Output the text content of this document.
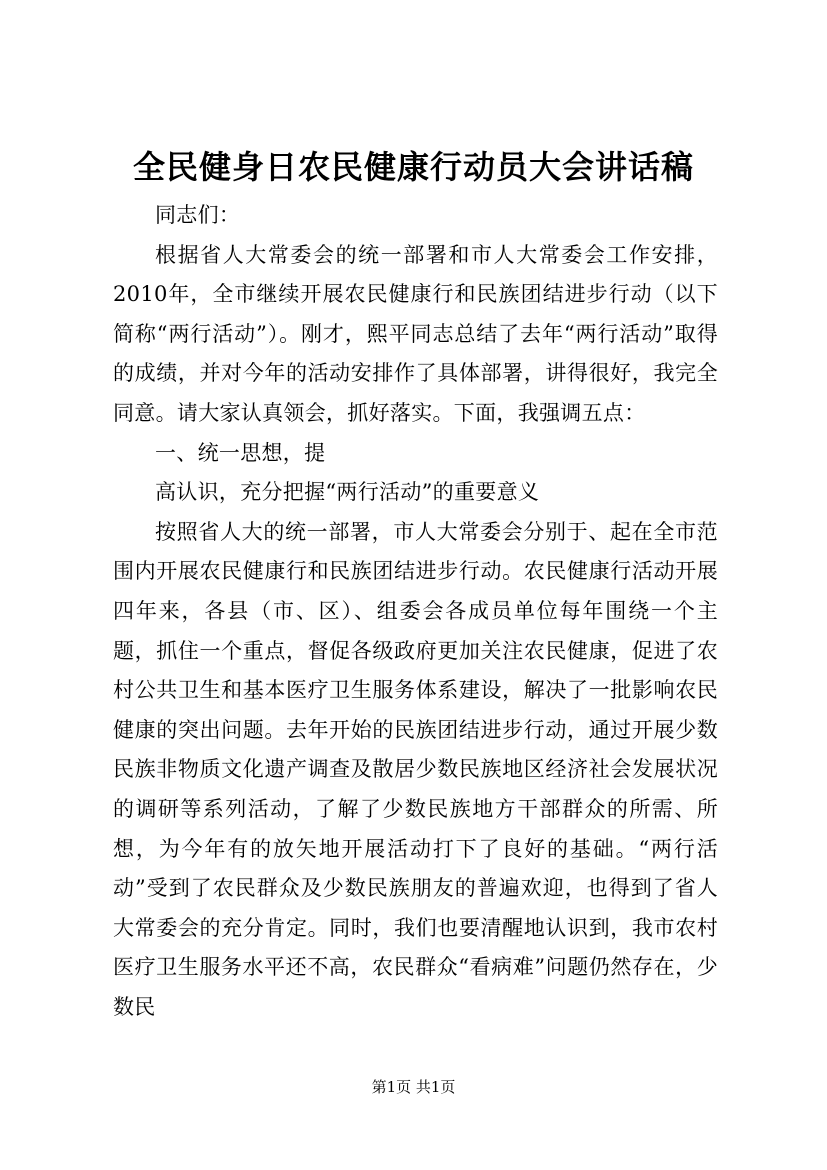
全民健身日农民健康行动员大会讲话稿

同志们：

根据省人大常委会的统一部署和市人大常委会工作安排，2010年，全市继续开展农民健康行和民族团结进步行动（以下简称“两行活动”）。刚才，熙平同志总结了去年“两行活动”取得的成绩，并对今年的活动安排作了具体部署，讲得很好，我完全同意。请大家认真领会，抓好落实。下面，我强调五点：

一、统一思想，提

高认识，充分把握“两行活动”的重要意义

按照省人大的统一部署，市人大常委会分别于、起在全市范围内开展农民健康行和民族团结进步行动。农民健康行活动开展四年来，各县（市、区）、组委会各成员单位每年围绕一个主题，抓住一个重点，督促各级政府更加关注农民健康，促进了农村公共卫生和基本医疗卫生服务体系建设，解决了一批影响农民健康的突出问题。去年开始的民族团结进步行动，通过开展少数民族非物质文化遗产调查及散居少数民族地区经济社会发展状况的调研等系列活动，了解了少数民族地方干部群众的所需、所想，为今年有的放矢地开展活动打下了良好的基础。“两行活动”受到了农民群众及少数民族朋友的普遍欢迎，也得到了省人大常委会的充分肯定。同时，我们也要清醒地认识到，我市农村医疗卫生服务水平还不高，农民群众“看病难”问题仍然存在，少数民

第1页 共1页
